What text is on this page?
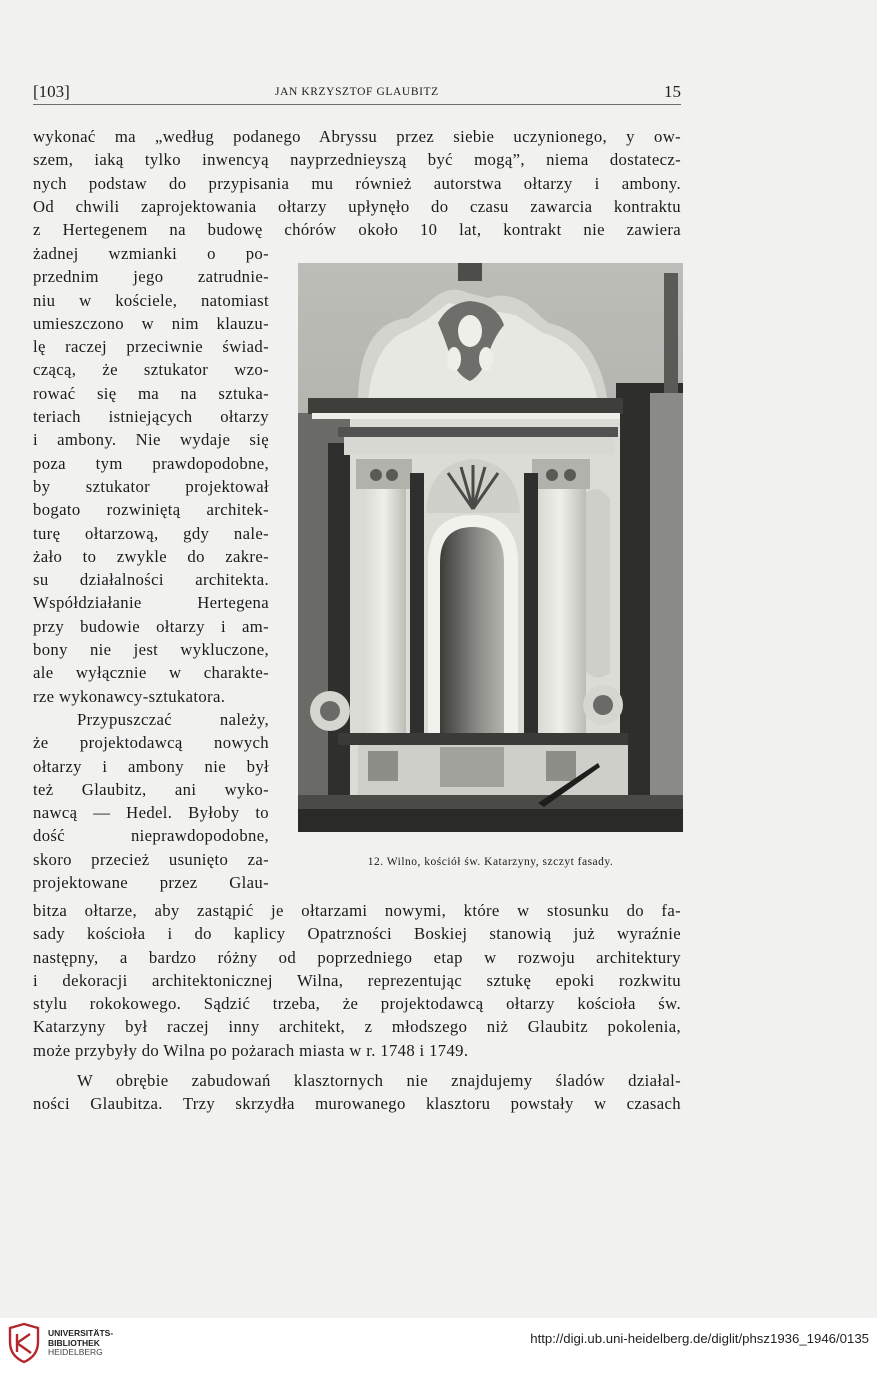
[103]	JAN KRZYSZTOF GLAUBITZ	15
wykonać ma „według podanego Abryssu przez siebie uczynionego, y ow-
szem, iaką tylko inwencyą nayprzednieyszą być mogą”, niema dostatecz-
nych podstaw do przypisania mu również autorstwa ołtarzy i ambony.
Od chwili zaprojektowania ołtarzy upłynęło do czasu zawarcia kontraktu
z Hertegenem na budowę chórów około 10 lat, kontrakt nie zawiera
żadnej wzmianki o po-
przednim jego zatrudnie-
niu w kościele, natomiast
umieszczono w nim klauzu-
lę raczej przeciwnie świad-
czącą, że sztukator wzo-
rować się ma na sztuka-
teriach istniejących ołtarzy
i ambony. Nie wydaje się
poza tym prawdopodobne,
by sztukator projektował
bogato rozwiniętą architek-
turę ołtarzową, gdy nale-
żało to zwykle do zakre-
su działalności architekta.
Współdziałanie Hertegena
przy budowie ołtarzy i am-
bony nie jest wykluczone,
ale wyłącznie w charakte-
rze wykonawcy-sztukatora.
Przypuszczać należy,
że projektodawcą nowych
ołtarzy i ambony nie był
też Glaubitz, ani wyko-
nawcą — Hedel. Byłoby to
dość nieprawdopodobne,
skoro przecież usunięto za-
projektowane przez Glau-
12. Wilno, kościół św. Katarzyny, szczyt fasady.
bitza ołtarze, aby zastąpić je ołtarzami nowymi, które w stosunku do fa-
sady kościoła i do kaplicy Opatrzności Boskiej stanowią już wyraźnie
następny, a bardzo różny od poprzedniego etap w rozwoju architektury
i dekoracji architektonicznej Wilna, reprezentując sztukę epoki rozkwitu
stylu rokokowego. Sądzić trzeba, że projektodawcą ołtarzy kościoła św.
Katarzyny był raczej inny architekt, z młodszego niż Glaubitz pokolenia,
może przybyły do Wilna po pożarach miasta w r. 1748 i 1749.
W obrębie zabudowań klasztornych nie znajdujemy śladów działal-
ności Glaubitza. Trzy skrzydła murowanego klasztoru powstały w czasach
UNIVERSITÄTS-
BIBLIOTHEK
HEIDELBERG
http://digi.ub.uni-heidelberg.de/diglit/phsz1936_1946/0135
